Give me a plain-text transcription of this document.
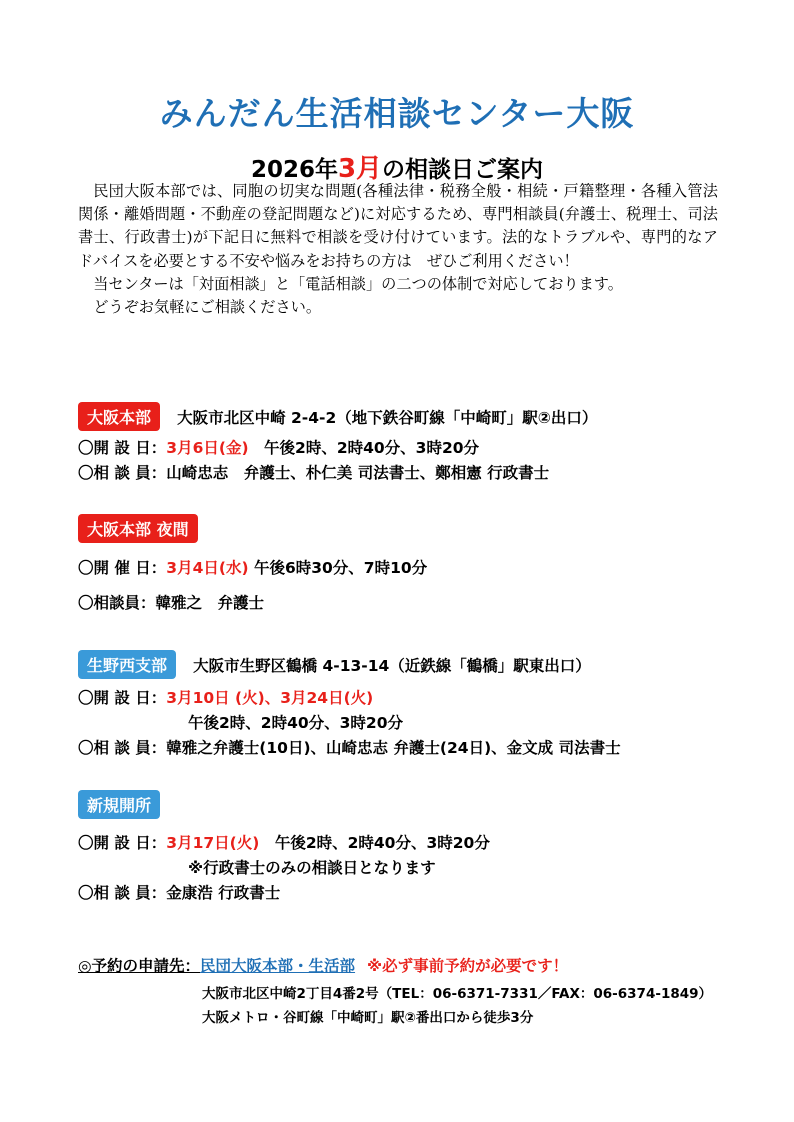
みんだん生活相談センター大阪
2026年3月の相談日ご案内

民団大阪本部では、同胞の切実な問題(各種法律・税務全般・相続・戸籍整理・各種入管法関係・離婚問題・不動産の登記問題など)に対応するため、専門相談員(弁護士、税理士、司法書士、行政書士)が下記日に無料で相談を受け付けています。法的なトラブルや、専門的なアドバイスを必要とする不安や悩みをお持ちの方は　ぜひご利用ください！

当センターは「対面相談」と「電話相談」の二つの体制で対応しております。

どうぞお気軽にご相談ください。

大阪本部 大阪市北区中崎 2-4-2（地下鉄谷町線「中崎町」駅②出口）
〇開 設 日：3月6日(金)　午後2時、2時40分、3時20分
〇相 談 員：山崎忠志　弁護士、朴仁美 司法書士、鄭相憲 行政書士
大阪本部 夜間
〇開 催 日：3月4日(水) 午後6時30分、7時10分
〇相談員：韓雅之　弁護士
生野西支部 大阪市生野区鶴橋 4-13-14（近鉄線「鶴橋」駅東出口）
〇開 設 日：3月10日 (火)、3月24日(火)
午後2時、2時40分、3時20分
〇相 談 員：韓雅之弁護士(10日)、山崎忠志 弁護士(24日)、金文成 司法書士
新規開所
〇開 設 日：3月17日(火)　午後2時、2時40分、3時20分
※行政書士のみの相談日となります
〇相 談 員：金康浩 行政書士
◎予約の申請先：民団大阪本部・生活部 ※必ず事前予約が必要です！
大阪市北区中崎2丁目4番2号（TEL：06-6371-7331／FAX：06-6374-1849）
大阪メトロ・谷町線「中崎町」駅②番出口から徒歩3分
